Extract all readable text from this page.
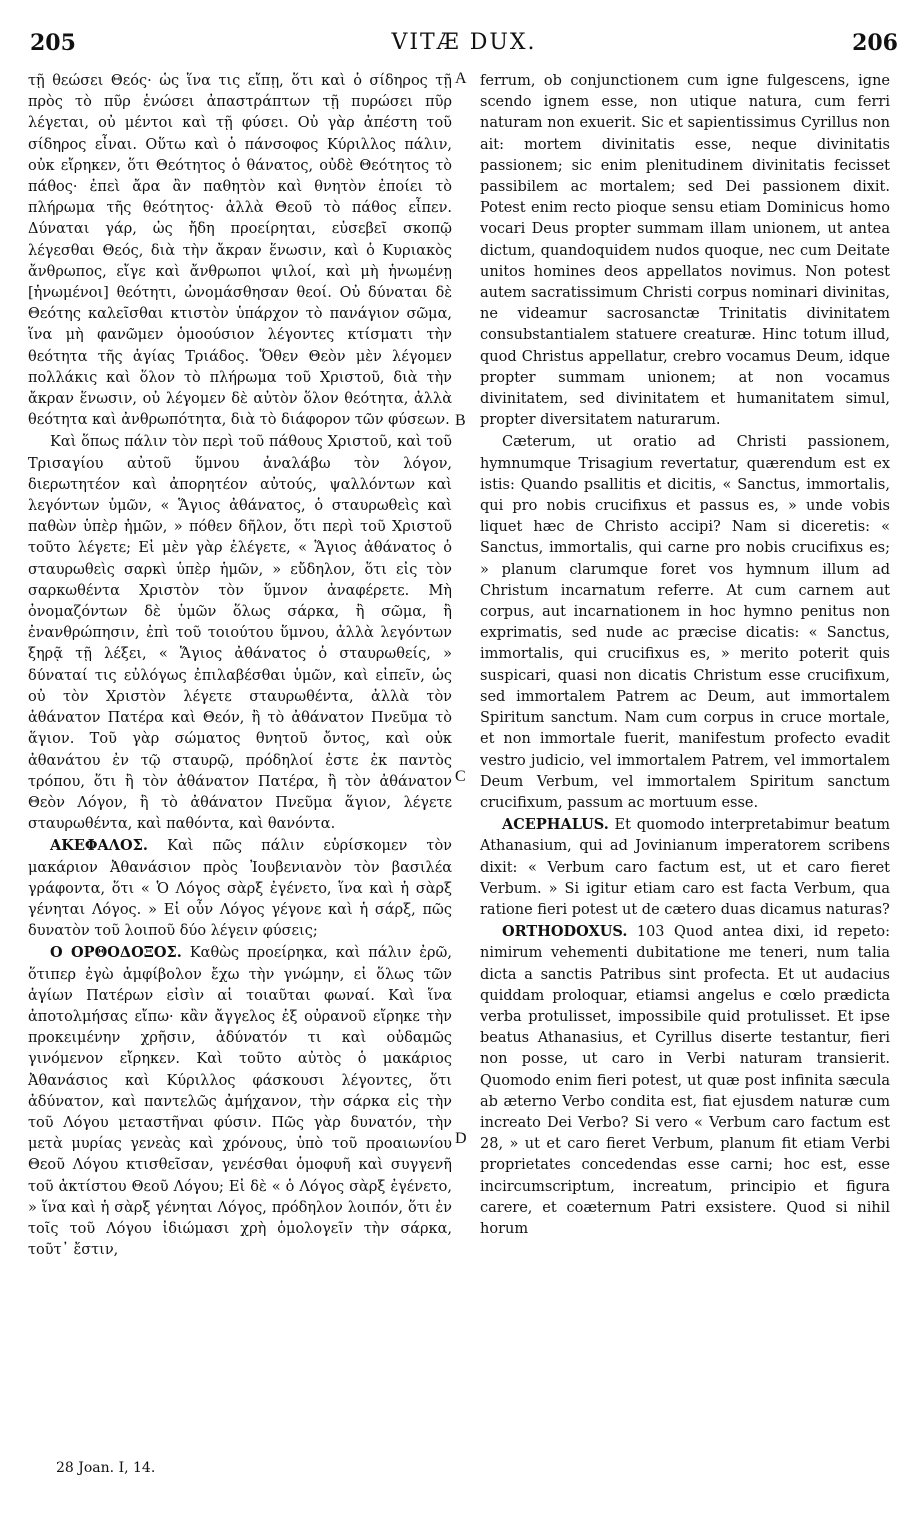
205	VITÆ DUX.	206

τῇ θεώσει Θεός· ὡς ἵνα τις εἴπῃ, ὅτι καὶ ὁ σίδηρος τῇ πρὸς τὸ πῦρ ἑνώσει ἀπαστράπτων τῇ πυρώσει πῦρ λέγεται, οὐ μέντοι καὶ τῇ φύσει. Οὐ γὰρ ἀπέστη τοῦ σίδηρος εἶναι. Οὕτω καὶ ὁ πάνσοφος Κύριλλος πάλιν, οὐκ εἴρηκεν, ὅτι Θεότητος ὁ θάνατος, οὐδὲ Θεότητος τὸ πάθος· ἐπεὶ ἄρα ἂν παθητὸν καὶ θνητὸν ἐποίει τὸ πλήρωμα τῆς θεότητος· ἀλλὰ Θεοῦ τὸ πάθος εἶπεν. Δύναται γάρ, ὡς ἤδη προείρηται, εὐσεβεῖ σκοπῷ λέγεσθαι Θεός, διὰ τὴν ἄκραν ἕνωσιν, καὶ ὁ Κυριακὸς ἄνθρωπος, εἴγε καὶ ἄνθρωποι ψιλοί, καὶ μὴ ἡνωμένῃ [ἡνωμένοι] θεότητι, ὠνομάσθησαν θεοί. Οὐ δύναται δὲ Θεότης καλεῖσθαι κτιστὸν ὑπάρχον τὸ πανάγιον σῶμα, ἵνα μὴ φανῶμεν ὁμοούσιον λέγοντες κτίσματι τὴν θεότητα τῆς ἁγίας Τριάδος. Ὅθεν Θεὸν μὲν λέγομεν πολλάκις καὶ ὅλον τὸ πλήρωμα τοῦ Χριστοῦ, διὰ τὴν ἄκραν ἕνωσιν, οὐ λέγομεν δὲ αὐτὸν ὅλον θεότητα, ἀλλὰ θεότητα καὶ ἀνθρωπότητα, διὰ τὸ διάφορον τῶν φύσεων.

Καὶ ὅπως πάλιν τὸν περὶ τοῦ πάθους Χριστοῦ, καὶ τοῦ Τρισαγίου αὐτοῦ ὕμνου ἀναλάβω τὸν λόγον, διερωτητέον καὶ ἀπορητέον αὐτούς, ψαλλόντων καὶ λεγόντων ὑμῶν, « Ἅγιος ἀθάνατος, ὁ σταυρωθεὶς καὶ παθὼν ὑπὲρ ἡμῶν, » πόθεν δῆλον, ὅτι περὶ τοῦ Χριστοῦ τοῦτο λέγετε; Εἰ μὲν γὰρ ἐλέγετε, « Ἅγιος ἀθάνατος ὁ σταυρωθεὶς σαρκὶ ὑπὲρ ἡμῶν, » εὔδηλον, ὅτι εἰς τὸν σαρκωθέντα Χριστὸν τὸν ὕμνον ἀναφέρετε. Μὴ ὀνομαζόντων δὲ ὑμῶν ὅλως σάρκα, ἢ σῶμα, ἢ ἐνανθρώπησιν, ἐπὶ τοῦ τοιούτου ὕμνου, ἀλλὰ λεγόντων ξηρᾷ τῇ λέξει, « Ἅγιος ἀθάνατος ὁ σταυρωθείς, » δύναταί τις εὐλόγως ἐπιλαβέσθαι ὑμῶν, καὶ εἰπεῖν, ὡς οὐ τὸν Χριστὸν λέγετε σταυρωθέντα, ἀλλὰ τὸν ἀθάνατον Πατέρα καὶ Θεόν, ἢ τὸ ἀθάνατον Πνεῦμα τὸ ἅγιον. Τοῦ γὰρ σώματος θνητοῦ ὄντος, καὶ οὐκ ἀθανάτου ἐν τῷ σταυρῷ, πρόδηλοί ἐστε ἐκ παντὸς τρόπου, ὅτι ἢ τὸν ἀθάνατον Πατέρα, ἢ τὸν ἀθάνατον Θεὸν Λόγον, ἢ τὸ ἀθάνατον Πνεῦμα ἅγιον, λέγετε σταυρωθέντα, καὶ παθόντα, καὶ θανόντα.

ΑΚΕΦΑΛΟΣ. Καὶ πῶς πάλιν εὑρίσκομεν τὸν μακάριον Ἀθανάσιον πρὸς Ἰουβενιανὸν τὸν βασιλέα γράφοντα, ὅτι « Ὁ Λόγος σὰρξ ἐγένετο, ἵνα καὶ ἡ σὰρξ γένηται Λόγος. » Εἰ οὖν Λόγος γέγονε καὶ ἡ σάρξ, πῶς δυνατὸν τοῦ λοιποῦ δύο λέγειν φύσεις;

Ο ΟΡΘΟΔΟΞΟΣ. Καθὼς προείρηκα, καὶ πάλιν ἐρῶ, ὅτιπερ ἐγὼ ἀμφίβολον ἔχω τὴν γνώμην, εἰ ὅλως τῶν ἁγίων Πατέρων εἰσὶν αἱ τοιαῦται φωναί. Καὶ ἵνα ἀποτολμήσας εἴπω· κἂν ἄγγελος ἐξ οὐρανοῦ εἴρηκε τὴν προκειμένην χρῆσιν, ἀδύνατόν τι καὶ οὐδαμῶς γινόμενον εἴρηκεν. Καὶ τοῦτο αὐτὸς ὁ μακάριος Ἀθανάσιος καὶ Κύριλλος φάσκουσι λέγοντες, ὅτι ἀδύνατον, καὶ παντελῶς ἀμήχανον, τὴν σάρκα εἰς τὴν τοῦ Λόγου μεταστῆναι φύσιν. Πῶς γὰρ δυνατόν, τὴν μετὰ μυρίας γενεὰς καὶ χρόνους, ὑπὸ τοῦ προαιωνίου Θεοῦ Λόγου κτισθεῖσαν, γενέσθαι ὁμοφυῆ καὶ συγγενῆ τοῦ ἀκτίστου Θεοῦ Λόγου; Εἰ δὲ « ὁ Λόγος σὰρξ ἐγένετο, » ἵνα καὶ ἡ σὰρξ γένηται Λόγος, πρόδηλον λοιπόν, ὅτι ἐν τοῖς τοῦ Λόγου ἰδιώμασι χρὴ ὁμολογεῖν τὴν σάρκα, τοῦτ᾽ ἔστιν,

A
B
C
D

ferrum, ob conjunctionem cum igne fulgescens, igne scendo ignem esse, non utique natura, cum ferri naturam non exuerit. Sic et sapientissimus Cyrillus non ait: mortem divinitatis esse, neque divinitatis passionem; sic enim plenitudinem divinitatis fecisset passibilem ac mortalem; sed Dei passionem dixit. Potest enim recto pioque sensu etiam Dominicus homo vocari Deus propter summam illam unionem, ut antea dictum, quandoquidem nudos quoque, nec cum Deitate unitos homines deos appellatos novimus. Non potest autem sacratissimum Christi corpus nominari divinitas, ne videamur sacrosanctæ Trinitatis divinitatem consubstantialem statuere creaturæ. Hinc totum illud, quod Christus appellatur, crebro vocamus Deum, idque propter summam unionem; at non vocamus divinitatem, sed divinitatem et humanitatem simul, propter diversitatem naturarum.

Cæterum, ut oratio ad Christi passionem, hymnumque Trisagium revertatur, quærendum est ex istis: Quando psallitis et dicitis, « Sanctus, immortalis, qui pro nobis crucifixus et passus es, » unde vobis liquet hæc de Christo accipi? Nam si diceretis: « Sanctus, immortalis, qui carne pro nobis crucifixus es; » planum clarumque foret vos hymnum illum ad Christum incarnatum referre. At cum carnem aut corpus, aut incarnationem in hoc hymno penitus non exprimatis, sed nude ac præcise dicatis: « Sanctus, immortalis, qui crucifixus es, » merito poterit quis suspicari, quasi non dicatis Christum esse crucifixum, sed immortalem Patrem ac Deum, aut immortalem Spiritum sanctum. Nam cum corpus in cruce mortale, et non immortale fuerit, manifestum profecto evadit vestro judicio, vel immortalem Patrem, vel immortalem Deum Verbum, vel immortalem Spiritum sanctum crucifixum, passum ac mortuum esse.

ACEPHALUS. Et quomodo interpretabimur beatum Athanasium, qui ad Jovinianum imperatorem scribens dixit: « Verbum caro factum est, ut et caro fieret Verbum. » Si igitur etiam caro est facta Verbum, qua ratione fieri potest ut de cætero duas dicamus naturas?

ORTHODOXUS. 103 Quod antea dixi, id repeto: nimirum vehementi dubitatione me teneri, num talia dicta a sanctis Patribus sint profecta. Et ut audacius quiddam proloquar, etiamsi angelus e cœlo prædicta verba protulisset, impossibile quid protulisset. Et ipse beatus Athanasius, et Cyrillus diserte testantur, fieri non posse, ut caro in Verbi naturam transierit. Quomodo enim fieri potest, ut quæ post infinita sæcula ab æterno Verbo condita est, fiat ejusdem naturæ cum increato Dei Verbo? Si vero « Verbum caro factum est 28, » ut et caro fieret Verbum, planum fit etiam Verbi proprietates concedendas esse carni; hoc est, esse incircumscriptum, increatum, principio et figura carere, et coæternum Patri exsistere. Quod si nihil horum

28 Joan. I, 14.
